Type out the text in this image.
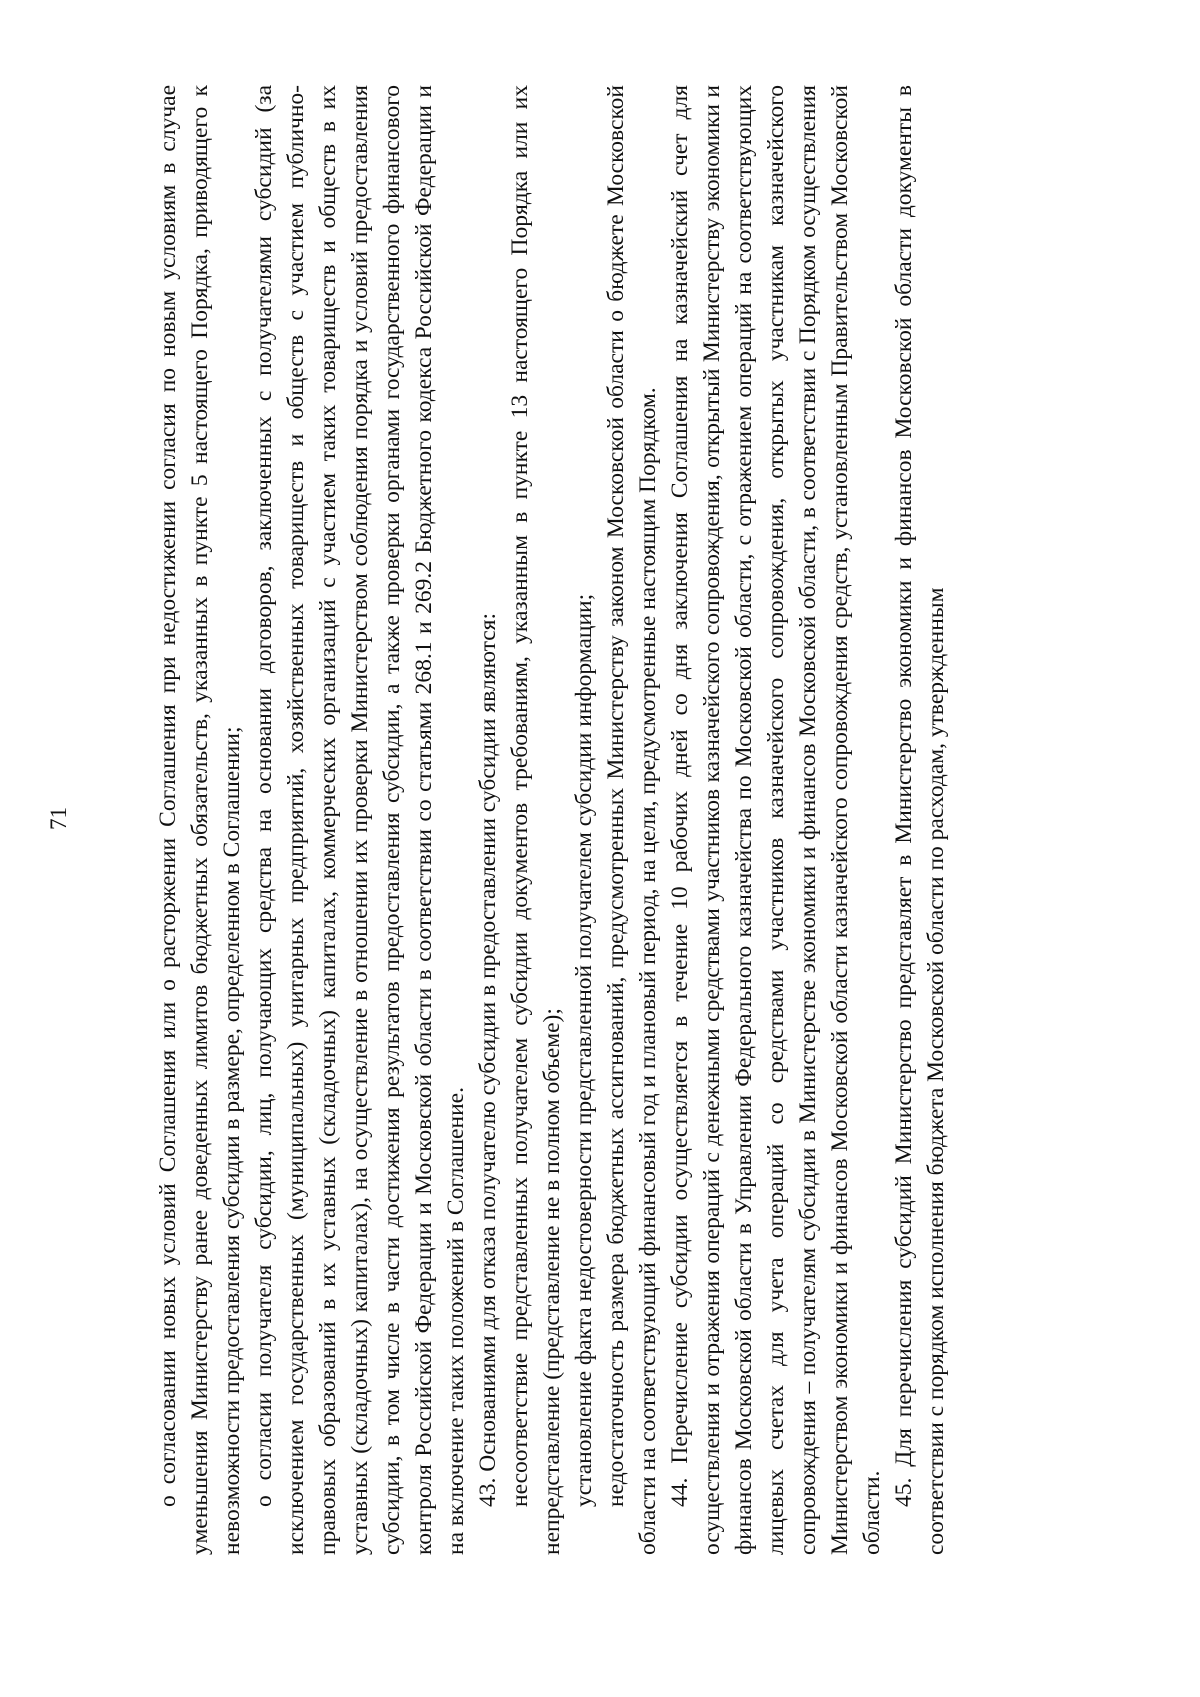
71	о согласовании новых условий Соглашения или о расторжении Соглашения при недостижении согласия по новым условиям в случае уменьшения Министерству ранее доведенных лимитов бюджетных обязательств, указанных в пункте 5 настоящего Порядка, приводящего к невозможности предоставления субсидии в размере, определенном в Соглашении; о согласии получателя субсидии, лиц, получающих средства на основании договоров, заключенных с получателями субсидий (за исключением государственных (муниципальных) унитарных предприятий, хозяйственных товариществ и обществ с участием публично-правовых образований в их уставных (складочных) капиталах, коммерческих организаций с участием таких товариществ и обществ в их уставных (складочных) капиталах), на осуществление в отношении их проверки Министерством соблюдения порядка и условий предоставления субсидии, в том числе в части достижения результатов предоставления субсидии, а также проверки органами государственного финансового контроля Российской Федерации и Московской области в соответствии со статьями 268.1 и 269.2 Бюджетного кодекса Российской Федерации и на включение таких положений в Соглашение. 43. Основаниями для отказа получателю субсидии в предоставлении субсидии являются: несоответствие представленных получателем субсидии документов требованиям, указанным в пункте 13 настоящего Порядка или их непредставление (представление не в полном объеме); установление факта недостоверности представленной получателем субсидии информации; недостаточность размера бюджетных ассигнований, предусмотренных Министерству законом Московской области о бюджете Московской области на соответствующий финансовый год и плановый период, на цели, предусмотренные настоящим Порядком. 44. Перечисление субсидии осуществляется в течение 10 рабочих дней со дня заключения Соглашения на казначейский счет для осуществления и отражения операций с денежными средствами участников казначейского сопровождения, открытый Министерству экономики и финансов Московской области в Управлении Федерального казначейства по Московской области, с отражением операций на соответствующих лицевых счетах для учета операций со средствами участников казначейского сопровождения, открытых участникам казначейского сопровождения – получателям субсидии в Министерстве экономики и финансов Московской области, в соответствии с Порядком осуществления Министерством экономики и финансов Московской области казначейского сопровождения средств, установленным Правительством Московской области.

45. Для перечисления субсидий Министерство представляет в Министерство экономики и финансов Московской области документы в соответствии с порядком исполнения бюджета Московской области по расходам, утвержденным
